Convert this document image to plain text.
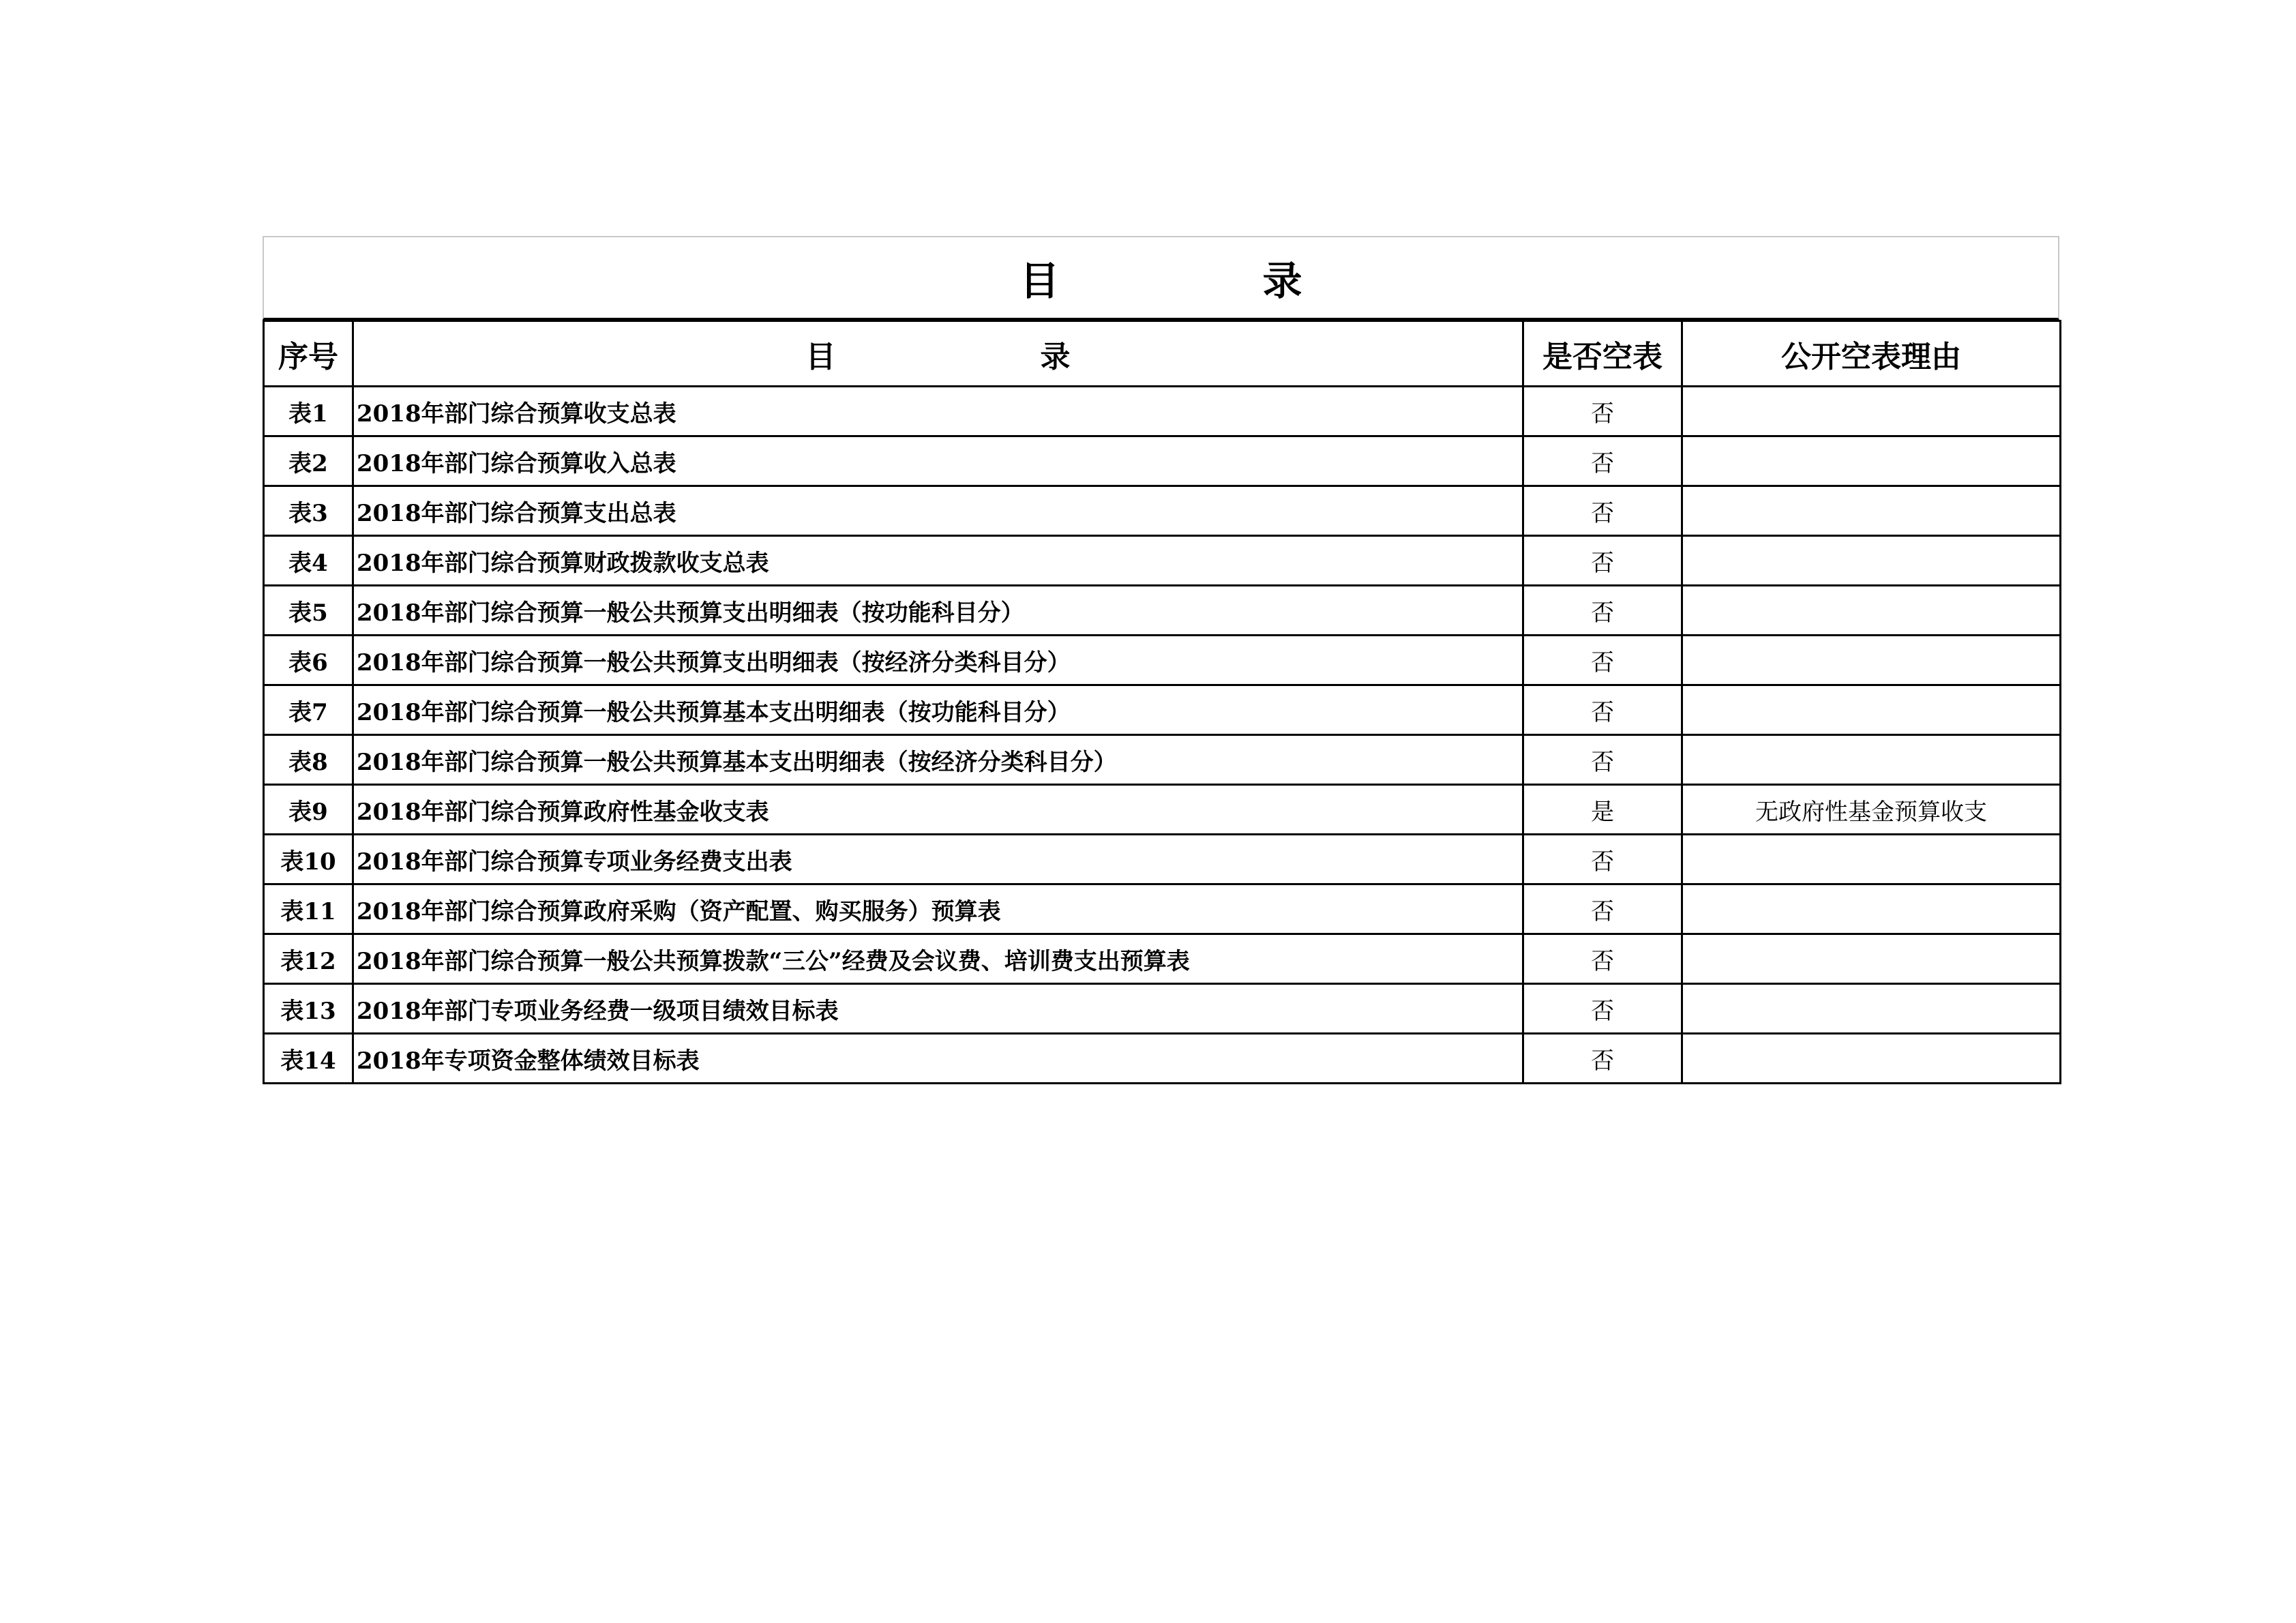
目　录
序号	目录	是否空表	公开空表理由
表1	2018年部门综合预算收支总表	否	
表2	2018年部门综合预算收入总表	否	
表3	2018年部门综合预算支出总表	否	
表4	2018年部门综合预算财政拨款收支总表	否	
表5	2018年部门综合预算一般公共预算支出明细表（按功能科目分）	否	
表6	2018年部门综合预算一般公共预算支出明细表（按经济分类科目分）	否	
表7	2018年部门综合预算一般公共预算基本支出明细表（按功能科目分）	否	
表8	2018年部门综合预算一般公共预算基本支出明细表（按经济分类科目分）	否	
表9	2018年部门综合预算政府性基金收支表	是	无政府性基金预算收支
表10	2018年部门综合预算专项业务经费支出表	否	
表11	2018年部门综合预算政府采购（资产配置、购买服务）预算表	否	
表12	2018年部门综合预算一般公共预算拨款“三公”经费及会议费、培训费支出预算表	否	
表13	2018年部门专项业务经费一级项目绩效目标表	否	
表14	2018年专项资金整体绩效目标表	否	
